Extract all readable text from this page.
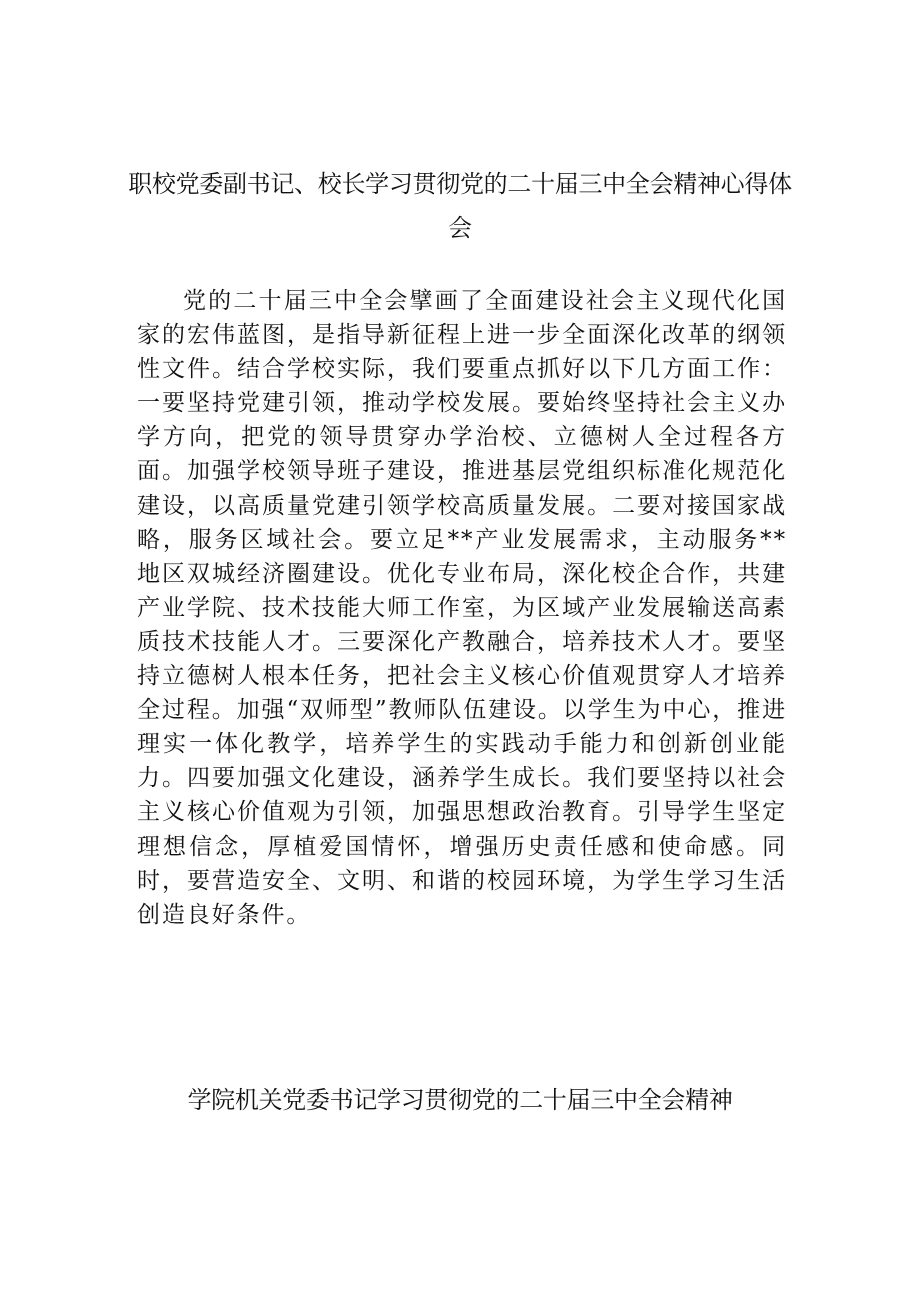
职校党委副书记、校长学习贯彻党的二十届三中全会精神心得体会

党的二十届三中全会擘画了全面建设社会主义现代化国家的宏伟蓝图，是指导新征程上进一步全面深化改革的纲领性文件。结合学校实际，我们要重点抓好以下几方面工作：一要坚持党建引领，推动学校发展。要始终坚持社会主义办学方向，把党的领导贯穿办学治校、立德树人全过程各方面。加强学校领导班子建设，推进基层党组织标准化规范化建设，以高质量党建引领学校高质量发展。二要对接国家战略，服务区域社会。要立足**产业发展需求，主动服务**地区双城经济圈建设。优化专业布局，深化校企合作，共建产业学院、技术技能大师工作室，为区域产业发展输送高素质技术技能人才。三要深化产教融合，培养技术人才。要坚持立德树人根本任务，把社会主义核心价值观贯穿人才培养全过程。加强“双师型”教师队伍建设。以学生为中心，推进理实一体化教学，培养学生的实践动手能力和创新创业能力。四要加强文化建设，涵养学生成长。我们要坚持以社会主义核心价值观为引领，加强思想政治教育。引导学生坚定理想信念，厚植爱国情怀，增强历史责任感和使命感。同时，要营造安全、文明、和谐的校园环境，为学生学习生活创造良好条件。

学院机关党委书记学习贯彻党的二十届三中全会精神
